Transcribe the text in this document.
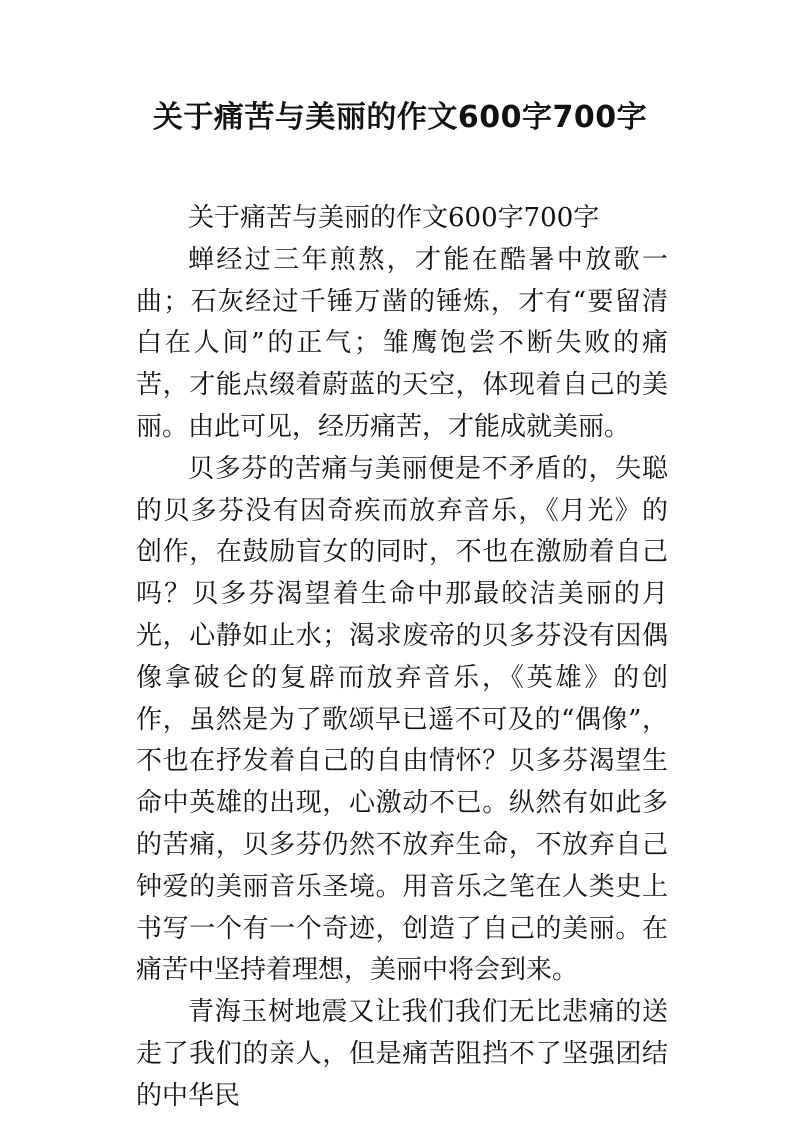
关于痛苦与美丽的作文600字700字

关于痛苦与美丽的作文600字700字

蝉经过三年煎熬，才能在酷暑中放歌一曲；石灰经过千锤万凿的锤炼，才有“要留清白在人间”的正气；雏鹰饱尝不断失败的痛苦，才能点缀着蔚蓝的天空，体现着自己的美丽。由此可见，经历痛苦，才能成就美丽。

贝多芬的苦痛与美丽便是不矛盾的，失聪的贝多芬没有因奇疾而放弃音乐，《月光》的创作，在鼓励盲女的同时，不也在激励着自己吗？贝多芬渴望着生命中那最皎洁美丽的月光，心静如止水；渴求废帝的贝多芬没有因偶像拿破仑的复辟而放弃音乐，《英雄》的创作，虽然是为了歌颂早已遥不可及的“偶像”，不也在抒发着自己的自由情怀？贝多芬渴望生命中英雄的出现，心激动不已。纵然有如此多的苦痛，贝多芬仍然不放弃生命，不放弃自己钟爱的美丽音乐圣境。用音乐之笔在人类史上书写一个有一个奇迹，创造了自己的美丽。在痛苦中坚持着理想，美丽中将会到来。

青海玉树地震又让我们我们无比悲痛的送走了我们的亲人，但是痛苦阻挡不了坚强团结的中华民
